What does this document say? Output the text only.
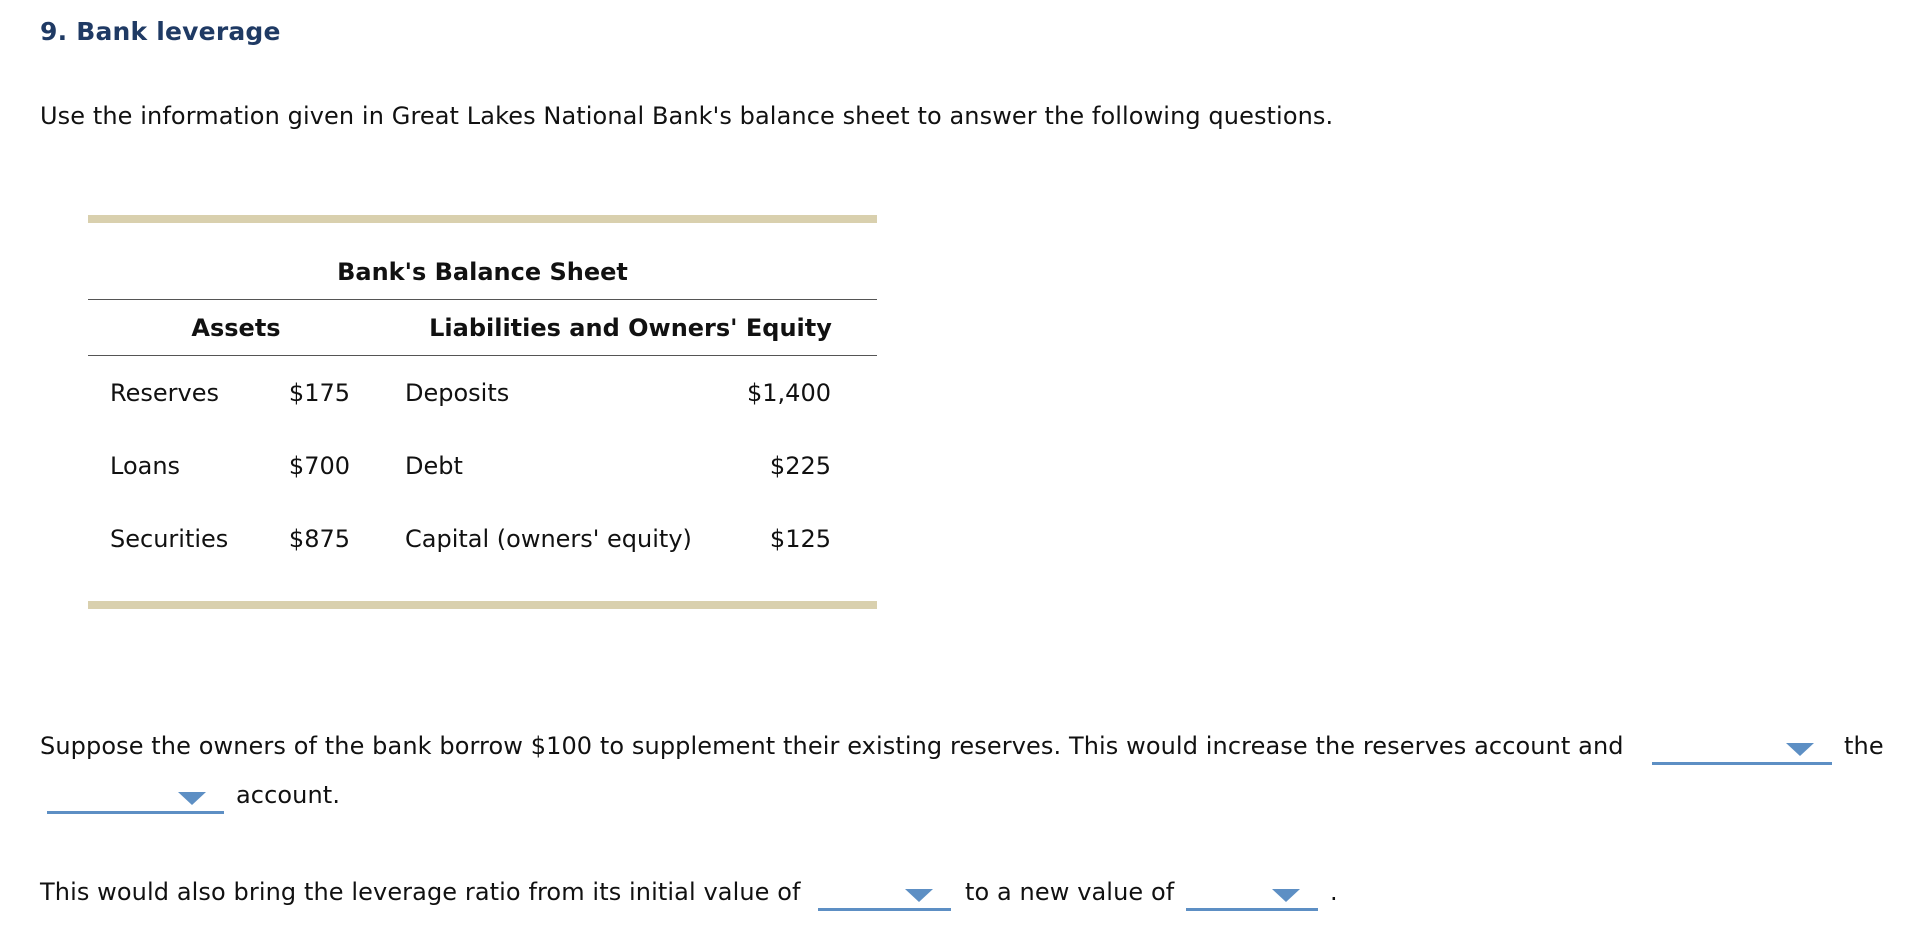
9. Bank leverage

Use the information given in Great Lakes National Bank's balance sheet to answer the following questions.

Bank's Balance Sheet
Assets	Liabilities and Owners' Equity
Reserves	$175 Deposits	$1,400
Loans	$700 Debt	$225
Securities	$875 Capital (owners' equity)	$125
Suppose the owners of the bank borrow $100 to supplement their existing reserves. This would increase the reserves account and	the
account.
This would also bring the leverage ratio from its initial value of	to a new value of	.
